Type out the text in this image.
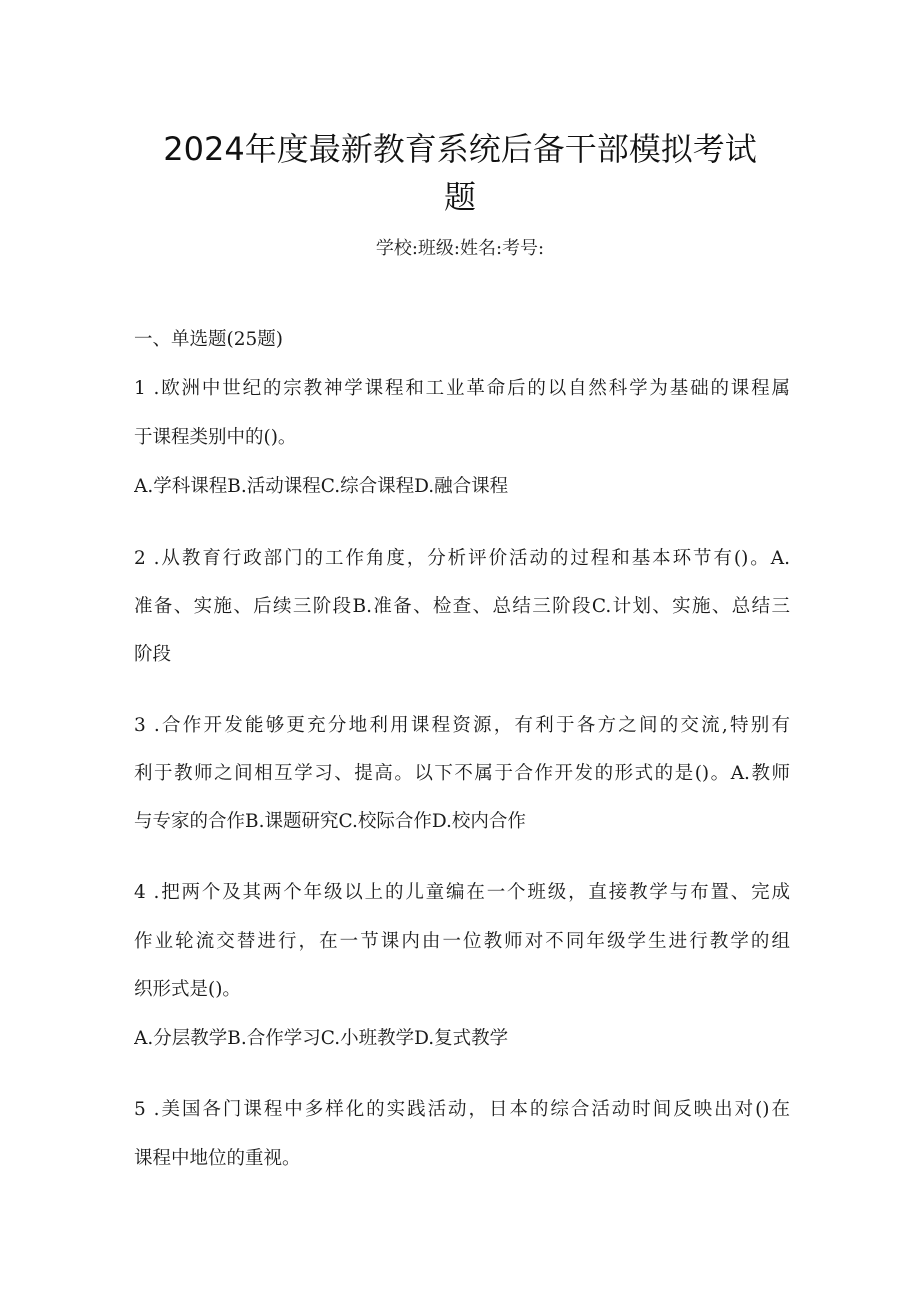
2024年度最新教育系统后备干部模拟考试
题
学校:班级:姓名:考号:
一、单选题(25题)
1 .欧洲中世纪的宗教神学课程和工业革命后的以自然科学为基础的课程属
于课程类别中的()。
A.学科课程B.活动课程C.综合课程D.融合课程
2 .从教育行政部门的工作角度，分析评价活动的过程和基本环节有()。A.
准备、实施、后续三阶段B.准备、检查、总结三阶段C.计划、实施、总结三
阶段
3 .合作开发能够更充分地利用课程资源，有利于各方之间的交流,特别有
利于教师之间相互学习、提高。以下不属于合作开发的形式的是()。A.教师
与专家的合作B.课题研究C.校际合作D.校内合作
4 .把两个及其两个年级以上的儿童编在一个班级，直接教学与布置、完成
作业轮流交替进行，在一节课内由一位教师对不同年级学生进行教学的组
织形式是()。
A.分层教学B.合作学习C.小班教学D.复式教学
5 .美国各门课程中多样化的实践活动，日本的综合活动时间反映出对()在
课程中地位的重视。
